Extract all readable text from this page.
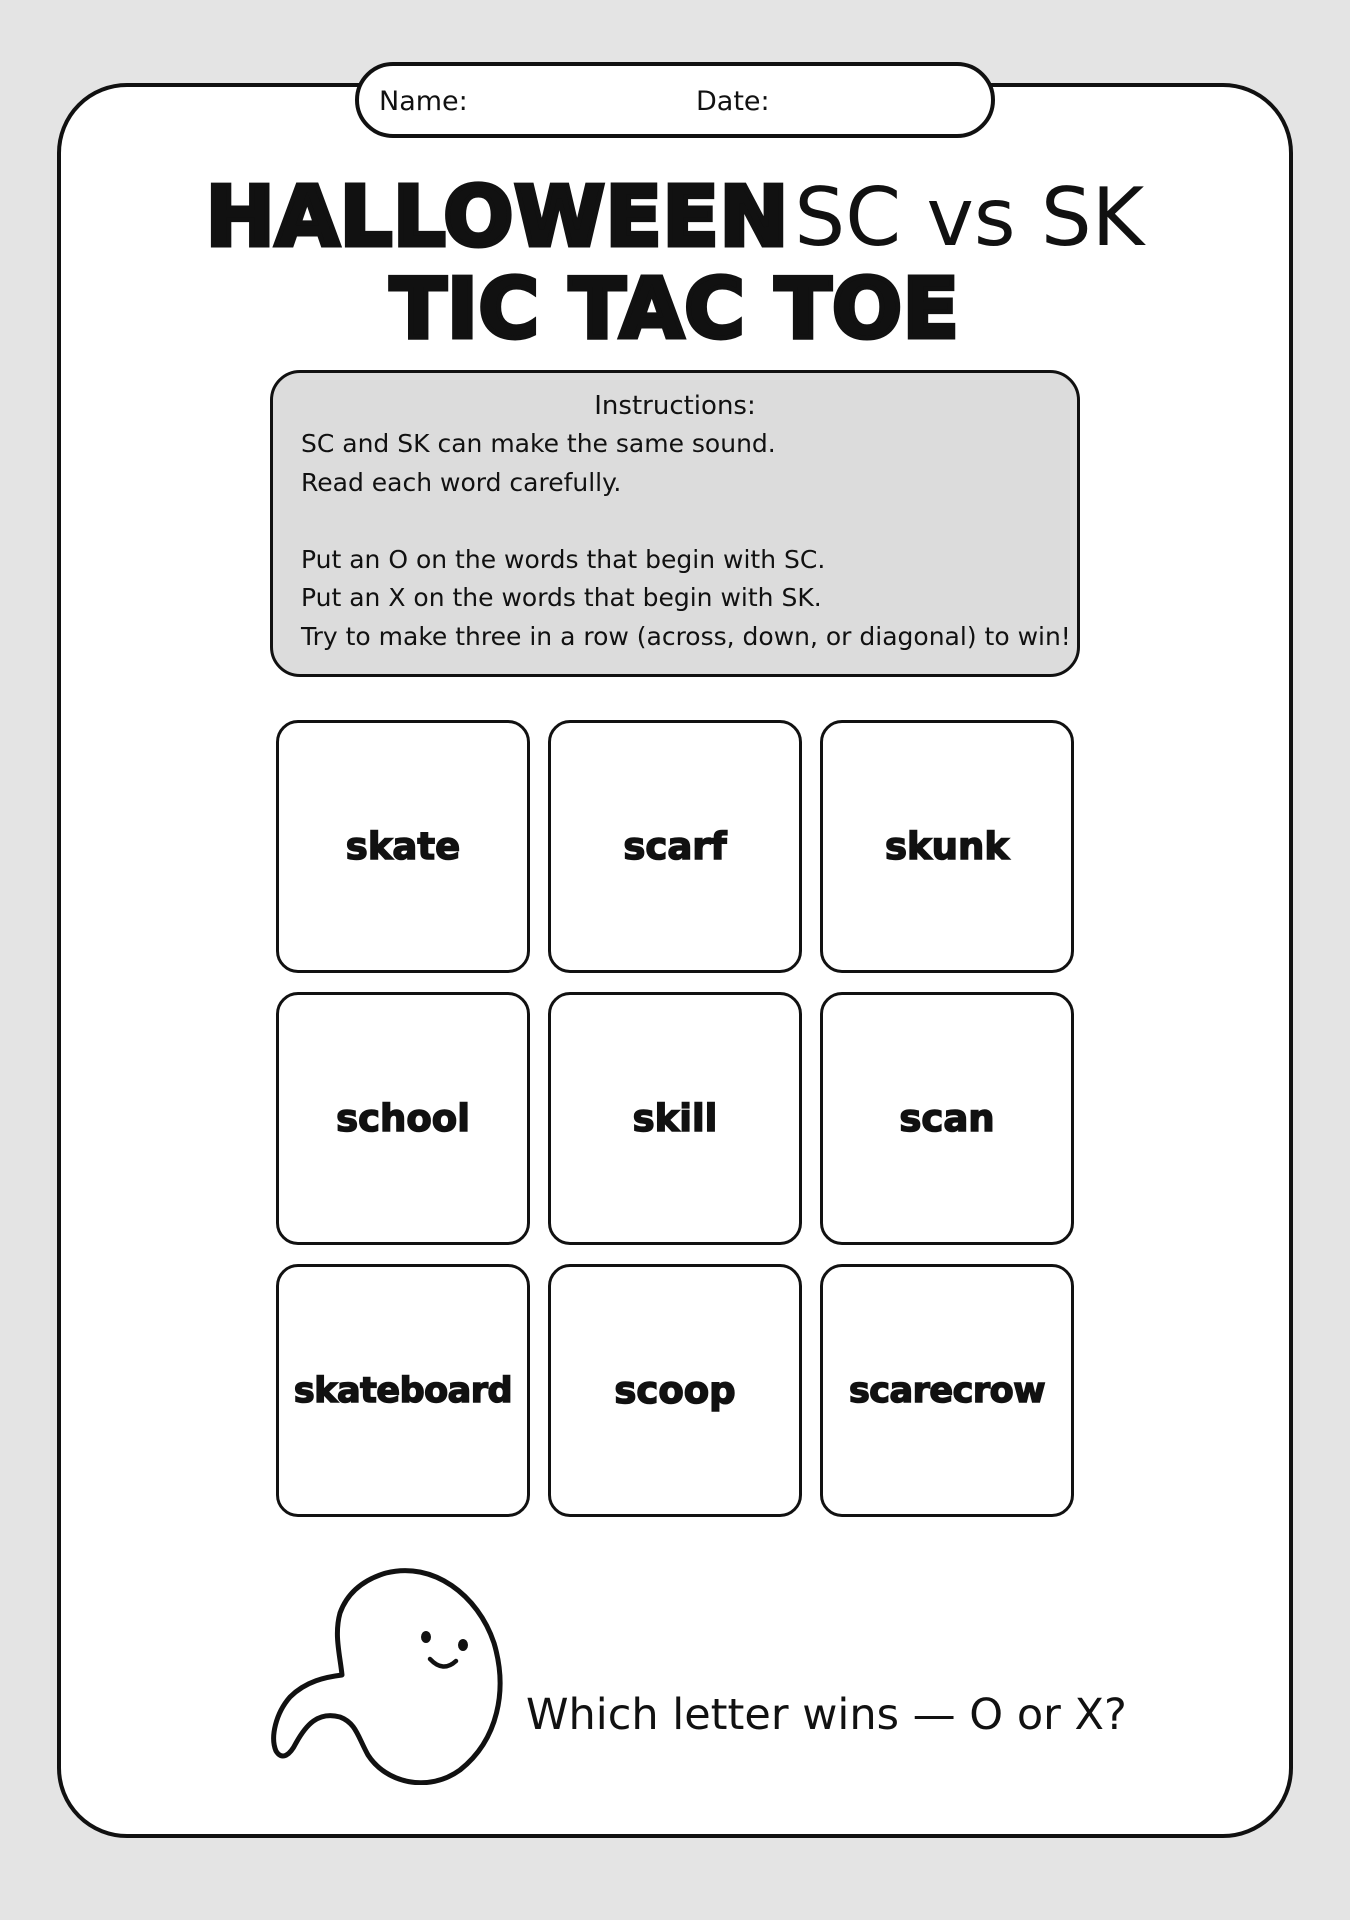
Name:	Date:
HALLOWEEN SC vs SK
TIC TAC TOE
Instructions:
SC and SK can make the same sound.
Read each word carefully.
Put an O on the words that begin with SC.
Put an X on the words that begin with SK.
Try to make three in a row (across, down, or diagonal) to win!
skate	scarf	skunk
school	skill	scan
skateboard	scoop	scarecrow
Which letter wins — O or X?
